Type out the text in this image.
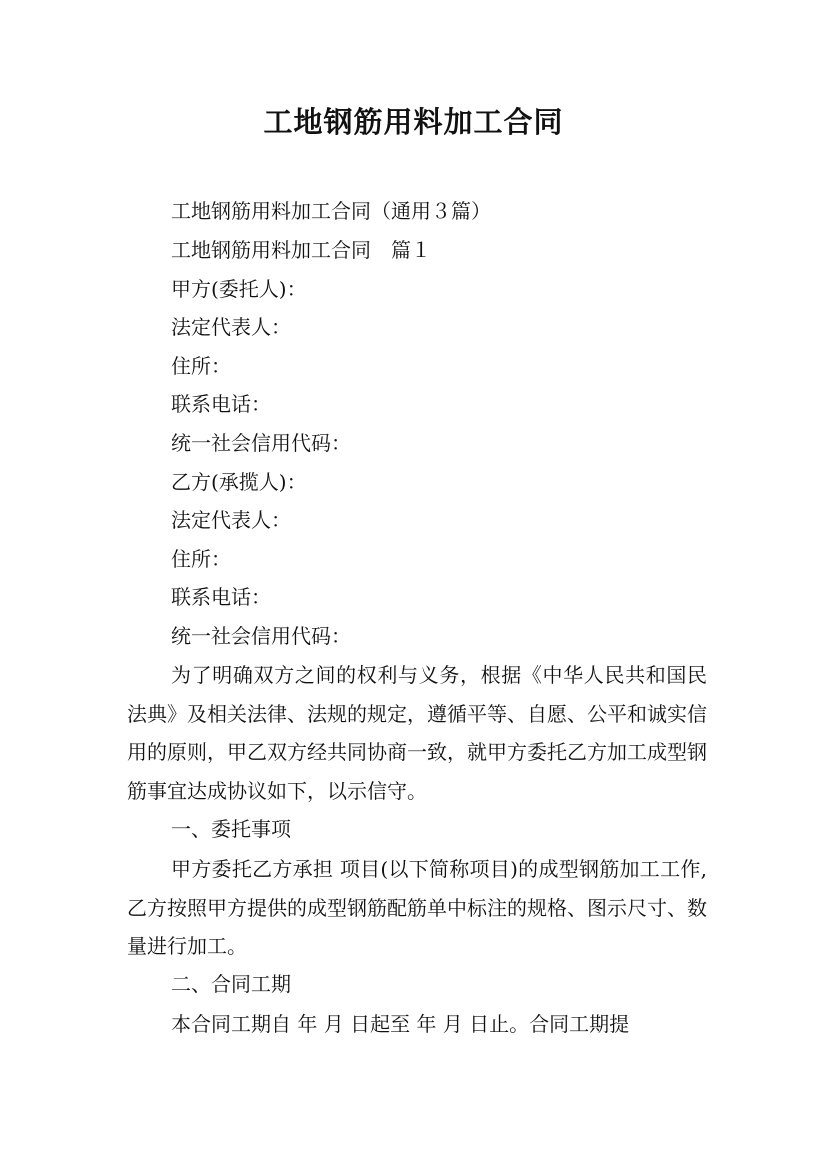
工地钢筋用料加工合同

工地钢筋用料加工合同（通用３篇）

工地钢筋用料加工合同　篇１

甲方(委托人)：

法定代表人：

住所：

联系电话：

统一社会信用代码：

乙方(承揽人)：

法定代表人：

住所：

联系电话：

统一社会信用代码：

为了明确双方之间的权利与义务，根据《中华人民共和国民法典》及相关法律、法规的规定，遵循平等、自愿、公平和诚实信用的原则，甲乙双方经共同协商一致，就甲方委托乙方加工成型钢筋事宜达成协议如下，以示信守。

一、委托事项

甲方委托乙方承担 项目(以下简称项目)的成型钢筋加工工作,乙方按照甲方提供的成型钢筋配筋单中标注的规格、图示尺寸、数量进行加工。

二、合同工期

本合同工期自 年 月 日起至 年 月 日止。合同工期提
